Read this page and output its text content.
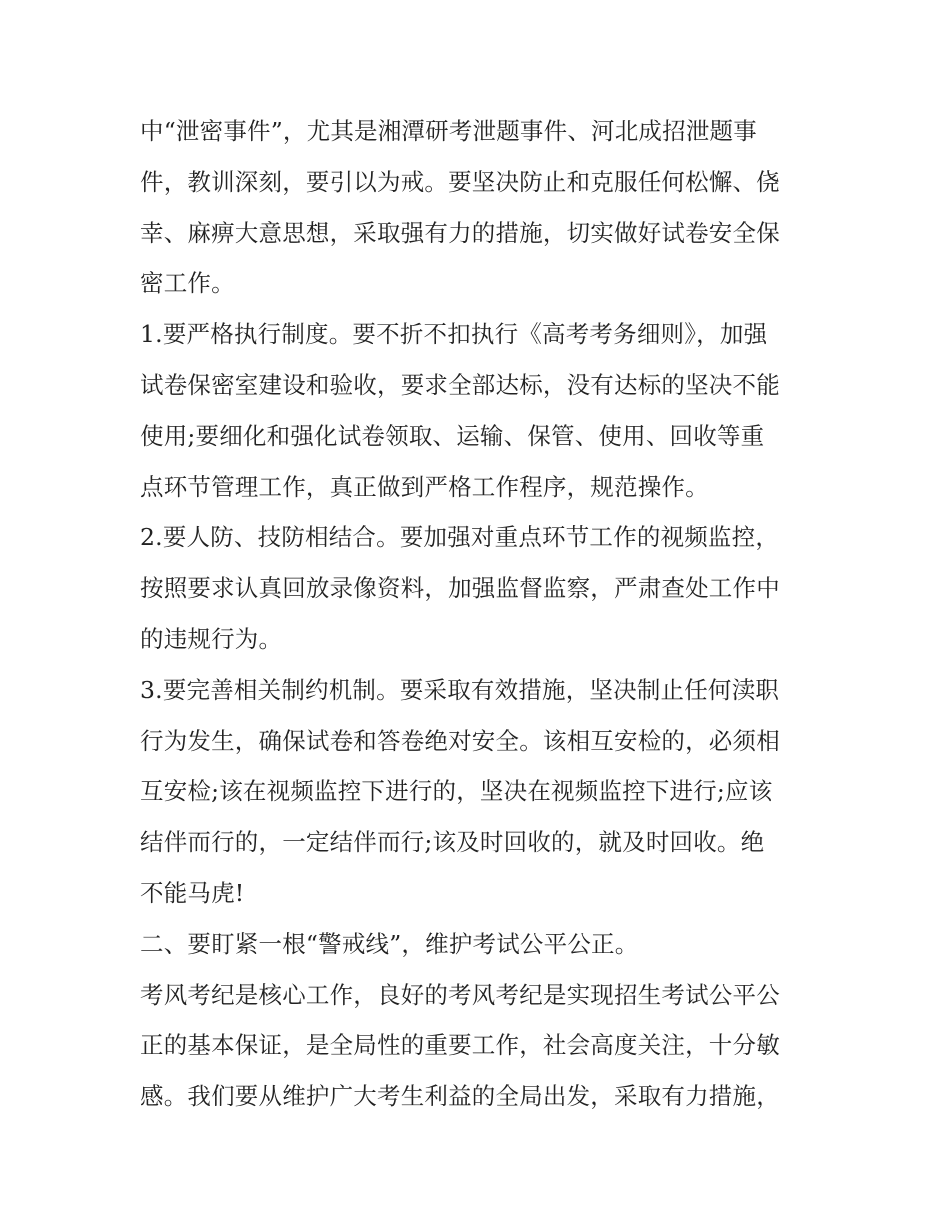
中“泄密事件”，尤其是湘潭研考泄题事件、河北成招泄题事
件，教训深刻，要引以为戒。要坚决防止和克服任何松懈、侥
幸、麻痹大意思想，采取强有力的措施，切实做好试卷安全保
密工作。
1.要严格执行制度。要不折不扣执行《高考考务细则》，加强
试卷保密室建设和验收，要求全部达标，没有达标的坚决不能
使用;要细化和强化试卷领取、运输、保管、使用、回收等重
点环节管理工作，真正做到严格工作程序，规范操作。
2.要人防、技防相结合。要加强对重点环节工作的视频监控，
按照要求认真回放录像资料，加强监督监察，严肃查处工作中
的违规行为。
3.要完善相关制约机制。要采取有效措施，坚决制止任何渎职
行为发生，确保试卷和答卷绝对安全。该相互安检的，必须相
互安检;该在视频监控下进行的，坚决在视频监控下进行;应该
结伴而行的，一定结伴而行;该及时回收的，就及时回收。绝
不能马虎!
二、要盯紧一根“警戒线”，维护考试公平公正。
考风考纪是核心工作，良好的考风考纪是实现招生考试公平公
正的基本保证，是全局性的重要工作，社会高度关注，十分敏
感。我们要从维护广大考生利益的全局出发，采取有力措施，
